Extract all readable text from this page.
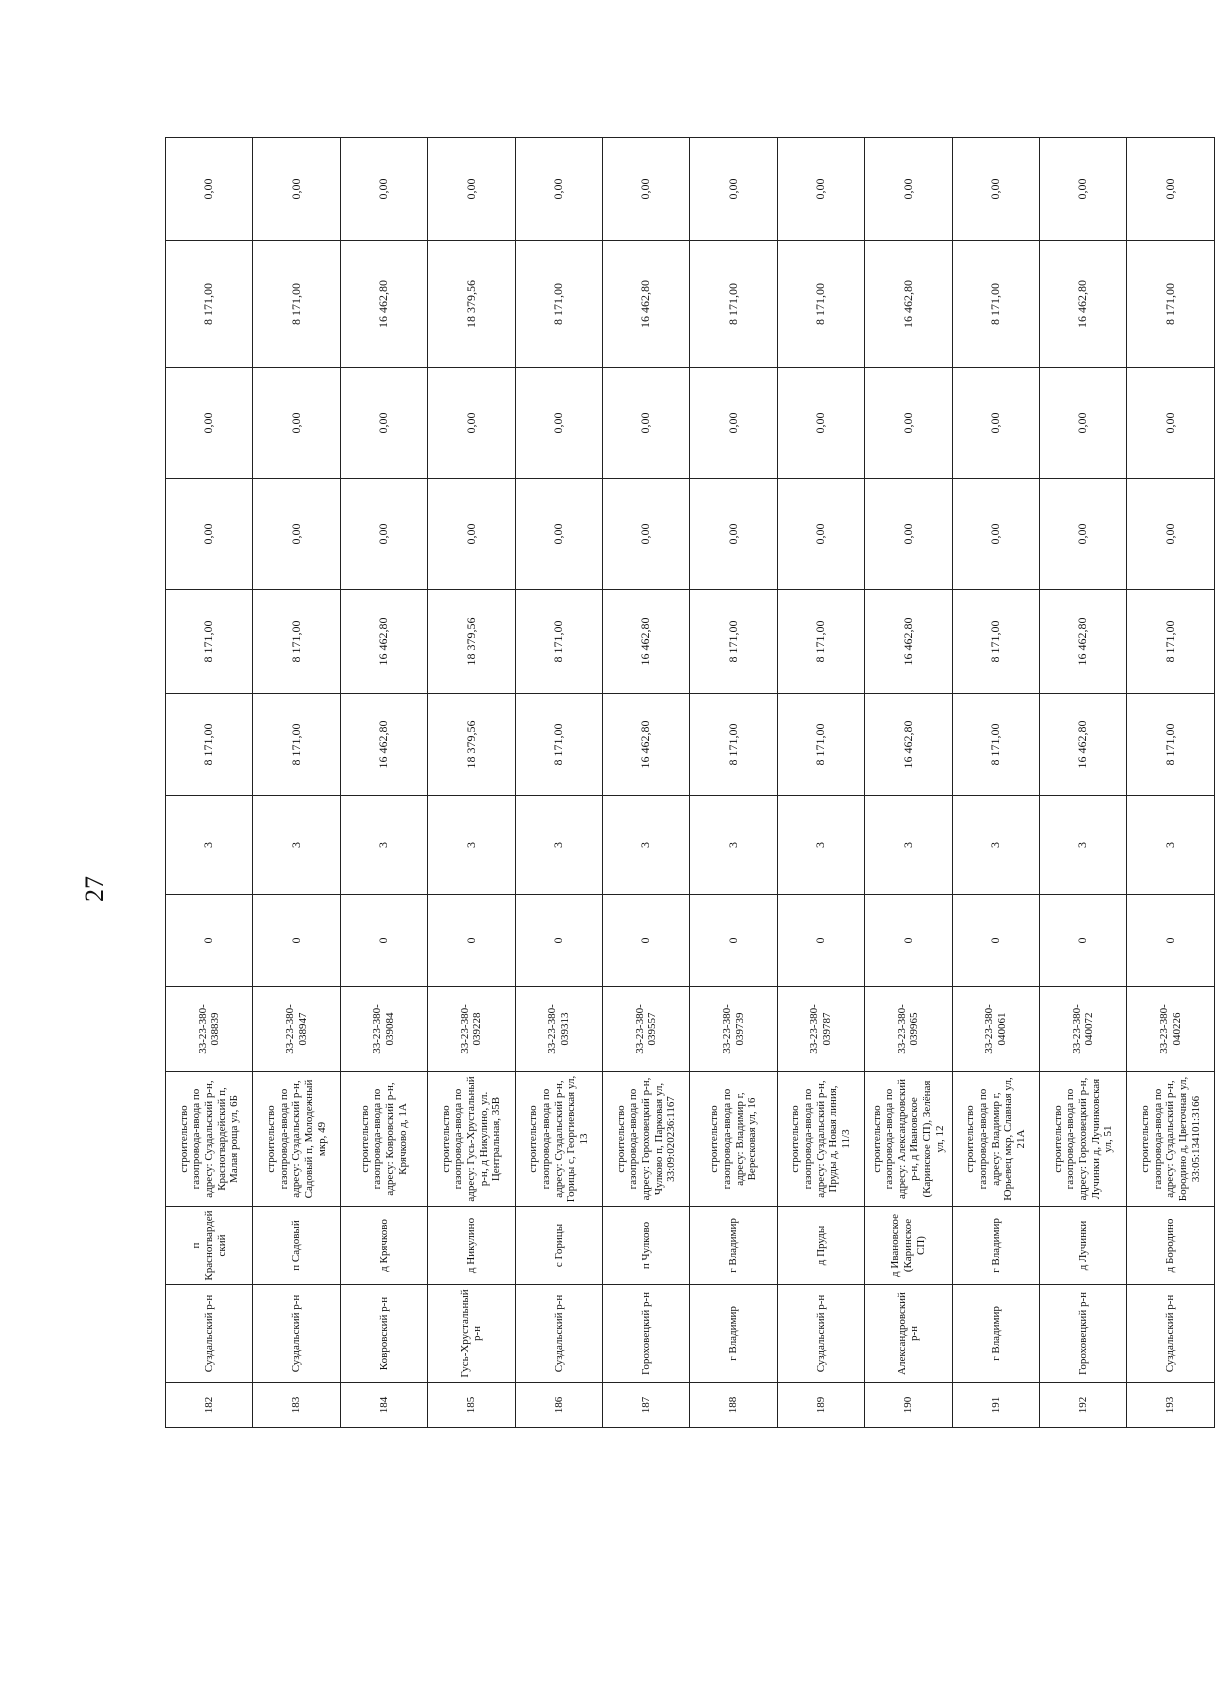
27
182	Суздальский р-н	п Красногвардейский	строительство газопровода-ввода по адресу: Суздальский р-н, Красногвардейский п, Малая роща ул, 6Б	33-23-380-038839	0	3	8 171,00	8 171,00	0,00	0,00	8 171,00	0,00
183	Суздальский р-н	п Садовый	строительство газопровода-ввода по адресу: Суздальский р-н, Садовый п, Молодежный мкр, 49	33-23-380-038947	0	3	8 171,00	8 171,00	0,00	0,00	8 171,00	0,00
184	Ковровский р-н	д Крячково	строительство газопровода-ввода по адресу: Ковровский р-н, Крячково д, 1А	33-23-380-039084	0	3	16 462,80	16 462,80	0,00	0,00	16 462,80	0,00
185	Гусь-Хрустальный р-н	д Никулино	строительство газопровода-ввода по адресу: Гусь-Хрустальный р-н, д Никулино, ул. Центральная, 35В	33-23-380-039228	0	3	18 379,56	18 379,56	0,00	0,00	18 379,56	0,00
186	Суздальский р-н	с Горицы	строительство газопровода-ввода по адресу: Суздальский р-н, Горицы с, Георгиевская ул, 13	33-23-380-039313	0	3	8 171,00	8 171,00	0,00	0,00	8 171,00	0,00
187	Гороховецкий р-н	п Чулково	строительство газопровода-ввода по адресу: Гороховецкий р-н, Чулково п, Парковая ул, 33:09:020236:1167	33-23-380-039557	0	3	16 462,80	16 462,80	0,00	0,00	16 462,80	0,00
188	г Владимир	г Владимир	строительство газопровода-ввода по адресу: Владимир г, Вересковая ул, 16	33-23-380-039739	0	3	8 171,00	8 171,00	0,00	0,00	8 171,00	0,00
189	Суздальский р-н	д Пруды	строительство газопровода-ввода по адресу: Суздальский р-н, Пруды д, Новая линия, 11/3	33-23-380-039787	0	3	8 171,00	8 171,00	0,00	0,00	8 171,00	0,00
190	Александровский р-н	д Ивановское (Каринское СП)	строительство газопровода-ввода по адресу: Александровский р-н, д Ивановское (Каринское СП), Зелёная ул, 12	33-23-380-039965	0	3	16 462,80	16 462,80	0,00	0,00	16 462,80	0,00
191	г Владимир	г Владимир	строительство газопровода-ввода по адресу: Владимир г, Юрьевец мкр, Славная ул, 21А	33-23-380-040061	0	3	8 171,00	8 171,00	0,00	0,00	8 171,00	0,00
192	Гороховецкий р-н	д Лучинки	строительство газопровода-ввода по адресу: Гороховецкий р-н, Лучинки д, Лучинковская ул, 51	33-23-380-040072	0	3	16 462,80	16 462,80	0,00	0,00	16 462,80	0,00
193	Суздальский р-н	д Бородино	строительство газопровода-ввода по адресу: Суздальский р-н, Бородино д, Цветочная ул, 33:05:134101:3166	33-23-380-040226	0	3	8 171,00	8 171,00	0,00	0,00	8 171,00	0,00
